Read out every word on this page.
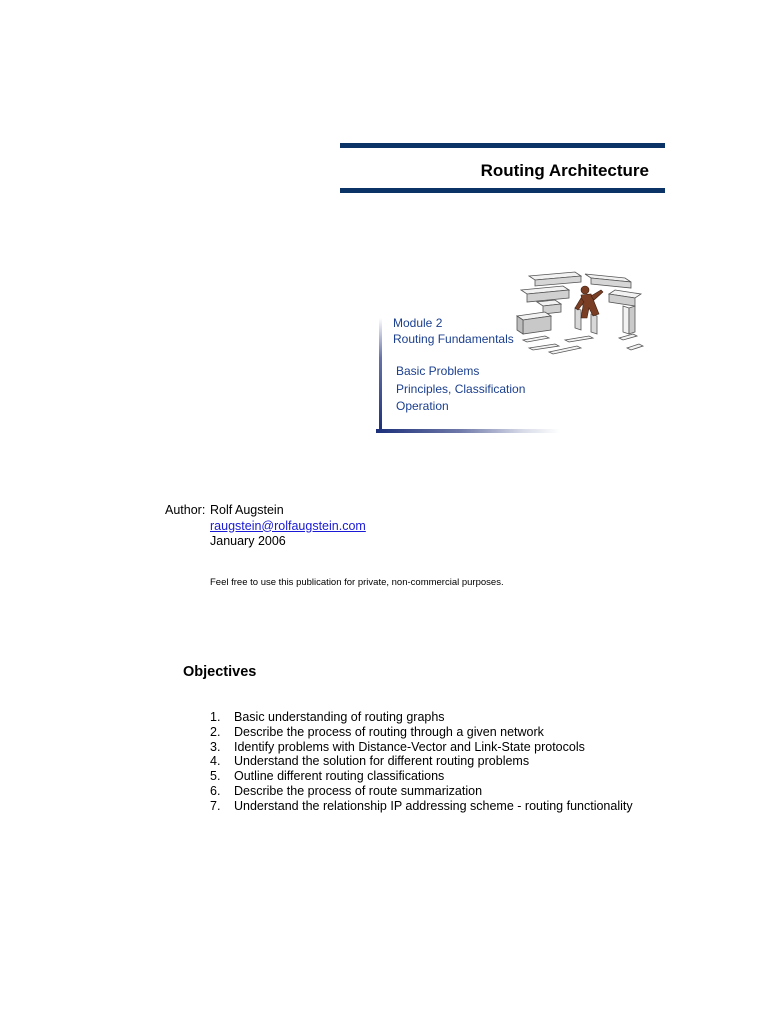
Routing Architecture
Module 2
Routing Fundamentals
Basic Problems
Principles, Classification
Operation
Author: Rolf Augstein
raugstein@rolfaugstein.com
January 2006
Feel free to use this publication for private, non-commercial purposes.
Objectives
1. Basic understanding of routing graphs
2. Describe the process of routing through a given network
3. Identify problems with Distance-Vector and Link-State protocols
4. Understand the solution for different routing problems
5. Outline different routing classifications
6. Describe the process of route summarization
7. Understand the relationship IP addressing scheme - routing functionality
